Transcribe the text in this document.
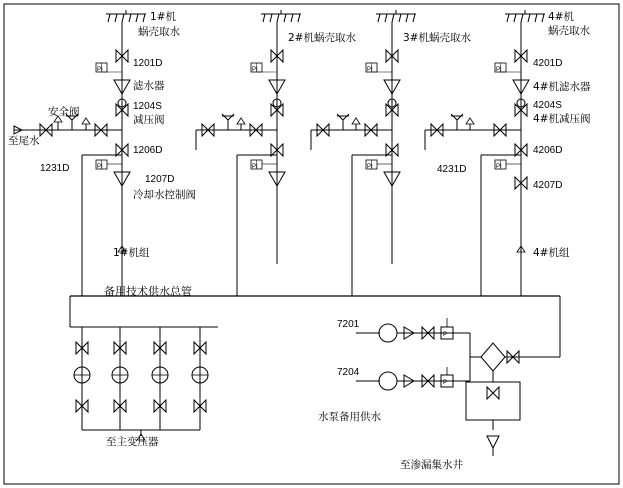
1#机
蜗壳取水
1201D
滤水器
1204S
减压阀
1206D
1231D
1207D
冷却水控制阀
1#机组
安全阀
至尾水
2#机蜗壳取水	3#机蜗壳取水
4#机
蜗壳取水
4201D
4#机滤水器
4204S
4#机减压阀
4206D
4231D
4207D
4#机组
备用技术供水总管
至主变压器
7201
7204
水泵备用供水
至渗漏集水井
PI
PI
PI
PI
PI
PI
PI
PI
P
P
